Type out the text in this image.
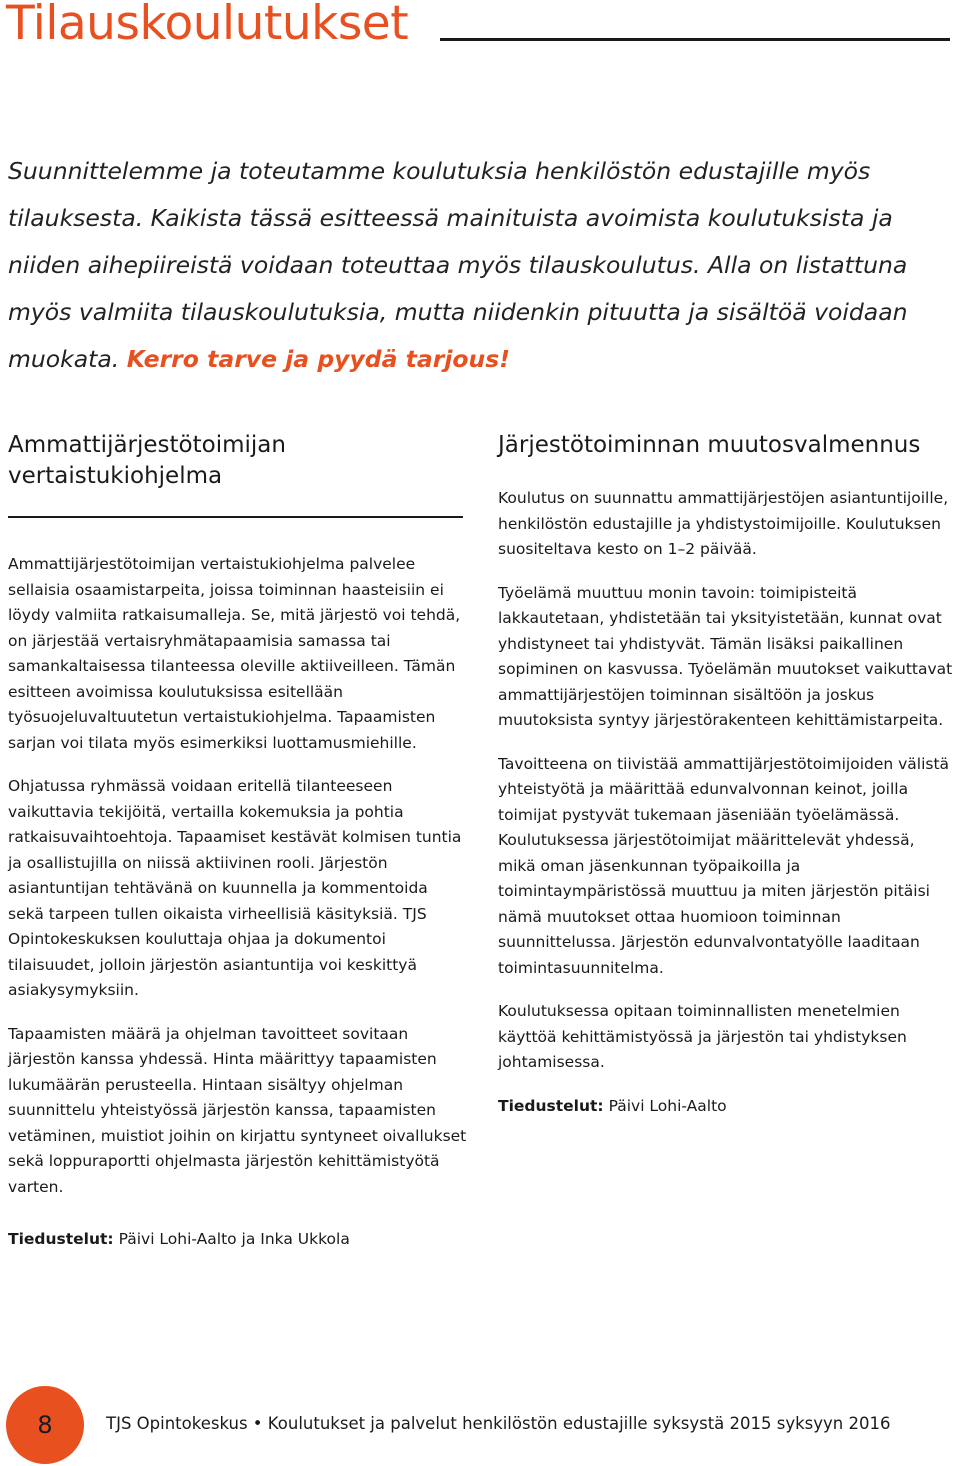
Tilauskoulutukset

Suunnittelemme ja toteutamme koulutuksia henkilöstön edustajille myös tilauksesta. Kaikista tässä esitteessä mainituista avoimista koulutuksista ja niiden aihepiireistä voidaan toteuttaa myös tilauskoulutus. Alla on listattuna myös valmiita tilauskoulutuksia, mutta niidenkin pituutta ja sisältöä voidaan muokata. Kerro tarve ja pyydä tarjous!

Ammattijärjestötoimijan
vertaistukiohjelma

Ammattijärjestötoimijan vertaistukiohjelma palvelee sellaisia osaamistarpeita, joissa toiminnan haasteisiin ei löydy valmiita ratkaisumalleja. Se, mitä järjestö voi tehdä, on järjestää vertaisryhmätapaamisia samassa tai samankaltaisessa tilanteessa oleville aktiiveilleen. Tämän esitteen avoimissa koulutuksissa esitellään työsuojeluvaltuutetun vertaistukiohjelma. Tapaamisten sarjan voi tilata myös esimerkiksi luottamusmiehille.

Ohjatussa ryhmässä voidaan eritellä tilanteeseen vaikuttavia tekijöitä, vertailla kokemuksia ja pohtia ratkaisuvaihtoehtoja. Tapaamiset kestävät kolmisen tuntia ja osallistujilla on niissä aktiivinen rooli. Järjestön asiantuntijan tehtävänä on kuunnella ja kommentoida sekä tarpeen tullen oikaista virheellisiä käsityksiä. TJS Opintokeskuksen kouluttaja ohjaa ja dokumentoi tilaisuudet, jolloin järjestön asiantuntija voi keskittyä asiakysymyksiin.

Tapaamisten määrä ja ohjelman tavoitteet sovitaan järjestön kanssa yhdessä. Hinta määrittyy tapaamisten lukumäärän perusteella. Hintaan sisältyy ohjelman suunnittelu yhteistyössä järjestön kanssa, tapaamisten vetäminen, muistiot joihin on kirjattu syntyneet oivallukset sekä loppuraportti ohjelmasta järjestön kehittämistyötä varten.

Tiedustelut: Päivi Lohi-Aalto ja Inka Ukkola

Järjestötoiminnan muutosvalmennus

Koulutus on suunnattu ammattijärjestöjen asiantuntijoille, henkilöstön edustajille ja yhdistystoimijoille. Koulutuksen suositeltava kesto on 1–2 päivää.

Työelämä muuttuu monin tavoin: toimipisteitä lakkautetaan, yhdistetään tai yksityistetään, kunnat ovat yhdistyneet tai yhdistyvät. Tämän lisäksi paikallinen sopiminen on kasvussa. Työelämän muutokset vaikuttavat ammattijärjestöjen toiminnan sisältöön ja joskus muutoksista syntyy järjestörakenteen kehittämistarpeita.

Tavoitteena on tiivistää ammattijärjestötoimijoiden välistä yhteistyötä ja määrittää edunvalvonnan keinot, joilla toimijat pystyvät tukemaan jäseniään työelämässä. Koulutuksessa järjestötoimijat määrittelevät yhdessä, mikä oman jäsenkunnan työpaikoilla ja toimintaympäristössä muuttuu ja miten järjestön pitäisi nämä muutokset ottaa huomioon toiminnan suunnittelussa. Järjestön edunvalvontatyölle laaditaan toimintasuunnitelma.

Koulutuksessa opitaan toiminnallisten menetelmien käyttöä kehittämistyössä ja järjestön tai yhdistyksen johtamisessa.

Tiedustelut: Päivi Lohi-Aalto

8	TJS Opintokeskus • Koulutukset ja palvelut henkilöstön edustajille syksystä 2015 syksyyn 2016
